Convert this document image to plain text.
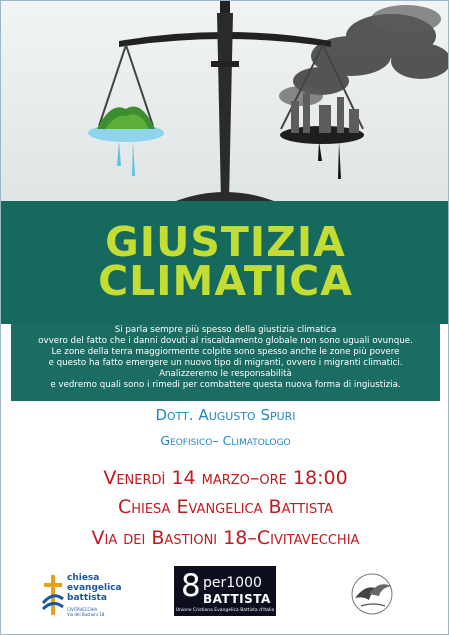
GIUSTIZIA
CLIMATICA
Si parla sempre più spesso della giustizia climatica
ovvero del fatto che i danni dovuti al riscaldamento globale non sono uguali ovunque.
Le zone della terra maggiormente colpite sono spesso anche le zone più povere
e questo ha fatto emergere un nuovo tipo di migranti, ovvero i migranti climatici.
Analizzeremo le responsabilità
e vedremo quali sono i rimedi per combattere questa nuova forma di ingiustizia.
Dott. Augusto Spuri
Geofisico– Climatologo
Venerdì 14 marzo–ore 18:00
Chiesa Evangelica Battista
Via dei Bastioni 18–Civitavecchia
chiesa
evangelica
battista
CIVITAVECCHIA
Via dei Bastioni 18
8 per1000
BATTISTA
Unione Cristiana Evangelica Battista d'Italia
